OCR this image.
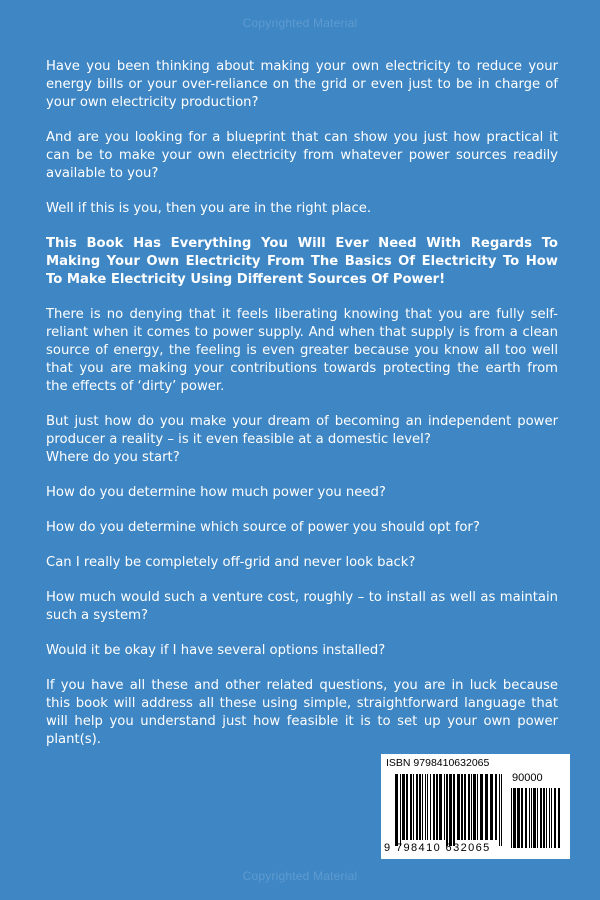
Copyrighted Material

Have you been thinking about making your own electricity to reduce your energy bills or your over-reliance on the grid or even just to be in charge of your own electricity production?

And are you looking for a blueprint that can show you just how practical it can be to make your own electricity from whatever power sources readily available to you?

Well if this is you, then you are in the right place.

This Book Has Everything You Will Ever Need With Regards To Making Your Own Electricity From The Basics Of Electricity To How To Make Electricity Using Different Sources Of Power!

There is no denying that it feels liberating knowing that you are fully self-reliant when it comes to power supply. And when that supply is from a clean source of energy, the feeling is even greater because you know all too well that you are making your contributions towards protecting the earth from the effects of ‘dirty’ power.

But just how do you make your dream of becoming an independent power producer a reality – is it even feasible at a domestic level?

Where do you start?

How do you determine how much power you need?

How do you determine which source of power you should opt for?

Can I really be completely off-grid and never look back?

How much would such a venture cost, roughly – to install as well as maintain such a system?

Would it be okay if I have several options installed?

If you have all these and other related questions, you are in luck because this book will address all these using simple, straightforward language that will help you understand just how feasible it is to set up your own power plant(s).

ISBN 9798410632065
90000
9 798410 632065
Copyrighted Material
